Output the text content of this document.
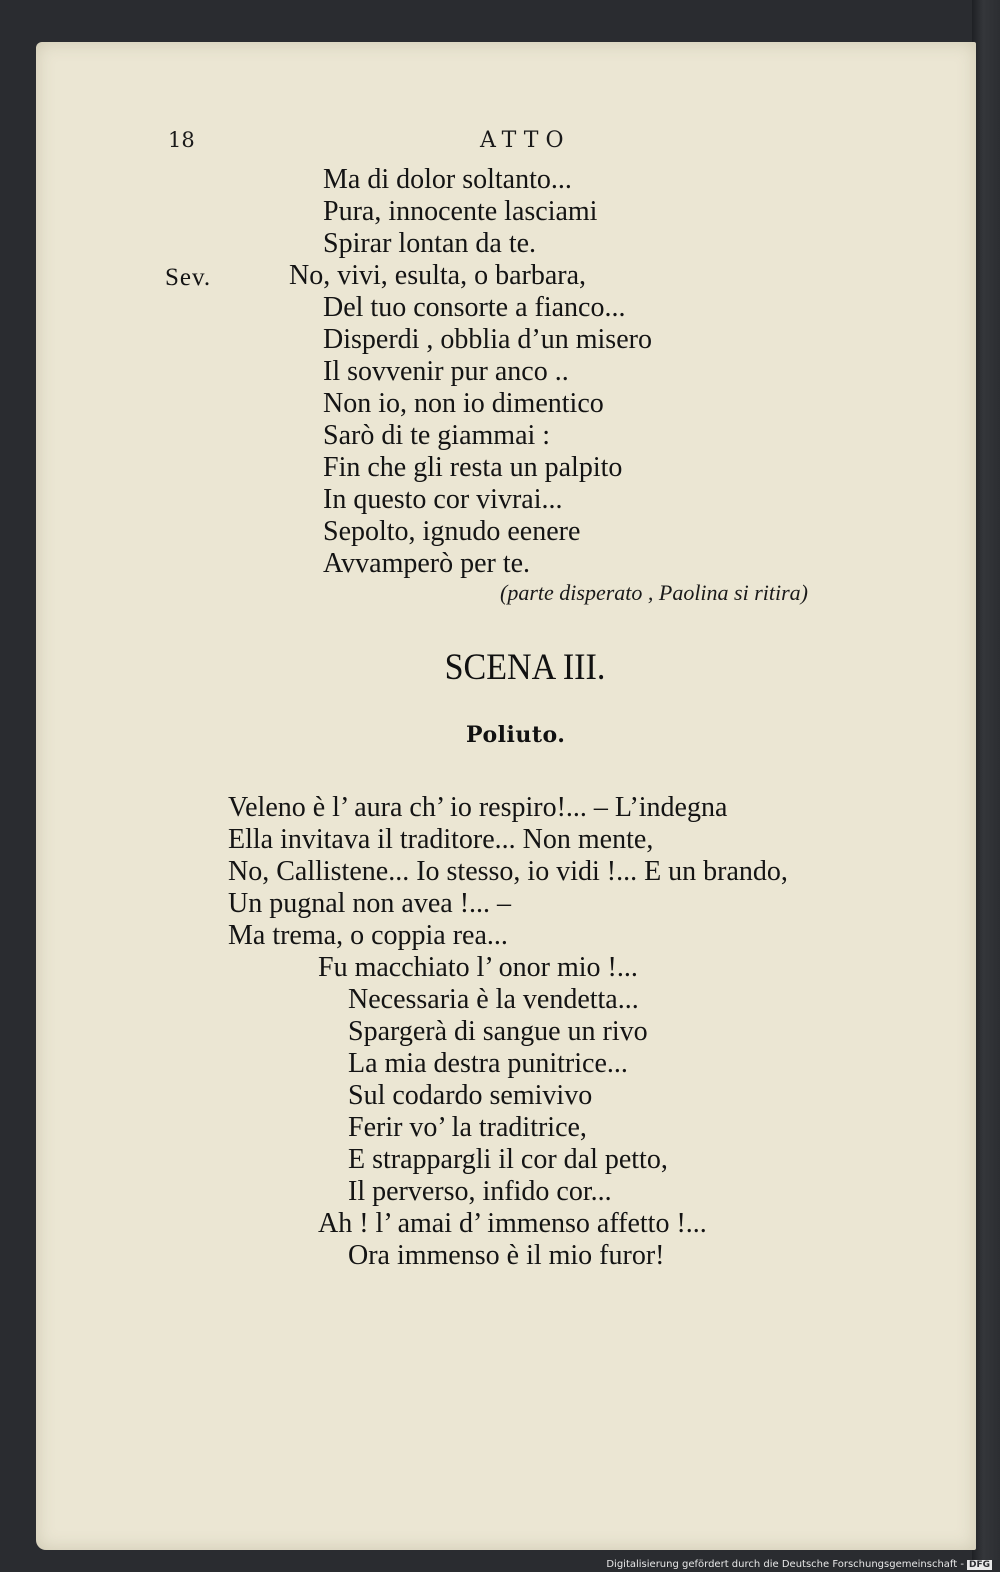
18	ATTO
Ma di dolor soltanto...
Pura, innocente lasciami
Spirar lontan da te.
No, vivi, esulta, o barbara,
Del tuo consorte a fianco...
Disperdi , obblia d’un misero
Il sovvenir pur anco ..
Non io, non io dimentico
Sarò di te giammai :
Fin che gli resta un palpito
In questo cor vivrai...
Sepolto, ignudo eenere
Avvamperò per te.
Sev.
(parte disperato , Paolina si ritira)
SCENA III.
Poliuto.
Veleno è l’ aura ch’ io respiro!... – L’indegna
Ella invitava il traditore... Non mente,
No, Callistene... Io stesso, io vidi !... E un brando,
Un pugnal non avea !... –
Ma trema, o coppia rea...
Fu macchiato l’ onor mio !...
Necessaria è la vendetta...
Spargerà di sangue un rivo
La mia destra punitrice...
Sul codardo semivivo
Ferir vo’ la traditrice,
E strappargli il cor dal petto,
Il perverso, infido cor...
Ah ! l’ amai d’ immenso affetto !...
Ora immenso è il mio furor!
Digitalisierung gefördert durch die Deutsche Forschungsgemeinschaft - DFG
